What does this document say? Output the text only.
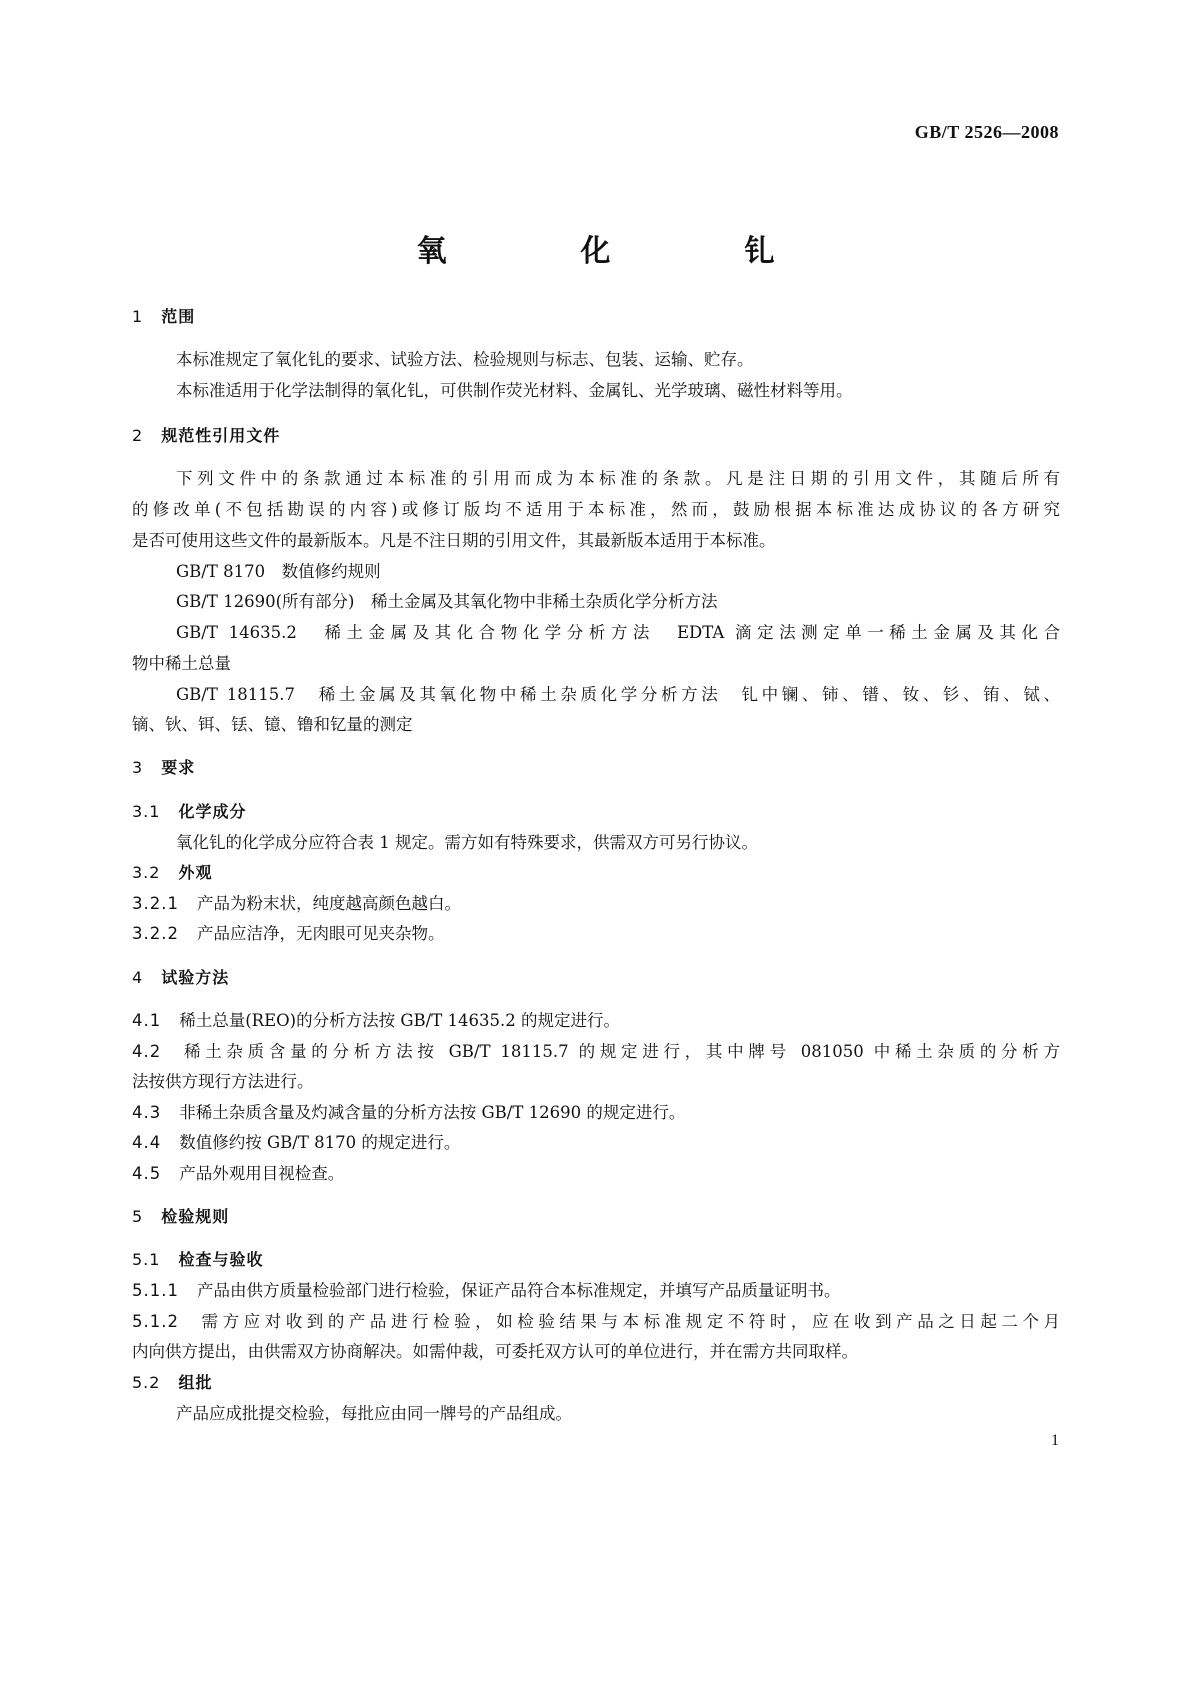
GB/T 2526—2008
氧　化　钆
1 范围
本标准规定了氧化钆的要求、试验方法、检验规则与标志、包装、运输、贮存。
本标准适用于化学法制得的氧化钆，可供制作荧光材料、金属钆、光学玻璃、磁性材料等用。
2 规范性引用文件
下列文件中的条款通过本标准的引用而成为本标准的条款。凡是注日期的引用文件，其随后所有
的修改单(不包括勘误的内容)或修订版均不适用于本标准，然而，鼓励根据本标准达成协议的各方研究
是否可使用这些文件的最新版本。凡是不注日期的引用文件，其最新版本适用于本标准。
GB/T 8170　数值修约规则
GB/T 12690(所有部分)　稀土金属及其氧化物中非稀土杂质化学分析方法
GB/T 14635.2　稀土金属及其化合物化学分析方法　EDTA 滴定法测定单一稀土金属及其化合
物中稀土总量
GB/T 18115.7　稀土金属及其氧化物中稀土杂质化学分析方法　钆中镧、铈、镨、钕、钐、铕、铽、
镝、钬、铒、铥、镱、镥和钇量的测定
3 要求
3.1 化学成分
氧化钆的化学成分应符合表 1 规定。需方如有特殊要求，供需双方可另行协议。
3.2 外观
3.2.1 产品为粉末状，纯度越高颜色越白。
3.2.2 产品应洁净，无肉眼可见夹杂物。
4 试验方法
4.1 稀土总量(REO)的分析方法按 GB/T 14635.2 的规定进行。
4.2 稀土杂质含量的分析方法按 GB/T 18115.7 的规定进行，其中牌号 081050 中稀土杂质的分析方
法按供方现行方法进行。
4.3 非稀土杂质含量及灼减含量的分析方法按 GB/T 12690 的规定进行。
4.4 数值修约按 GB/T 8170 的规定进行。
4.5 产品外观用目视检查。
5 检验规则
5.1 检查与验收
5.1.1 产品由供方质量检验部门进行检验，保证产品符合本标准规定，并填写产品质量证明书。
5.1.2 需方应对收到的产品进行检验，如检验结果与本标准规定不符时，应在收到产品之日起二个月
内向供方提出，由供需双方协商解决。如需仲裁，可委托双方认可的单位进行，并在需方共同取样。
5.2 组批
产品应成批提交检验，每批应由同一牌号的产品组成。
1
